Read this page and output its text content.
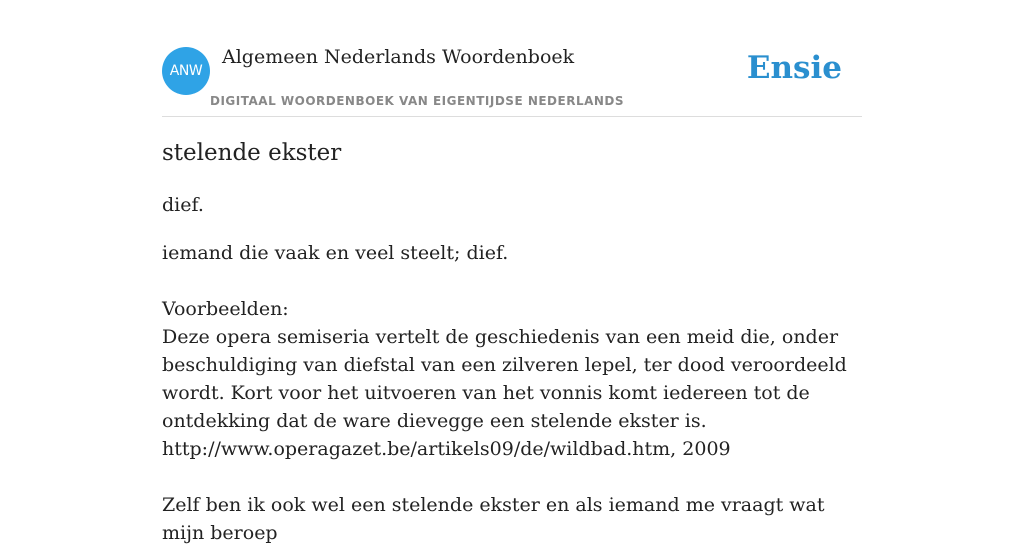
ANW
Algemeen Nederlands Woordenboek
DIGITAAL WOORDENBOEK VAN EIGENTIJDSE NEDERLANDS
Ensie
stelende ekster
dief.
iemand die vaak en veel steelt; dief.

Voorbeelden:
Deze opera semiseria vertelt de geschiedenis van een meid die, onder beschuldiging van diefstal van een zilveren lepel, ter dood veroordeeld wordt. Kort voor het uitvoeren van het vonnis komt iedereen tot de ontdekking dat de ware dievegge een stelende ekster is.
http://www.operagazet.be/artikels09/de/wildbad.htm, 2009

Zelf ben ik ook wel een stelende ekster en als iemand me vraagt wat mijn beroep
